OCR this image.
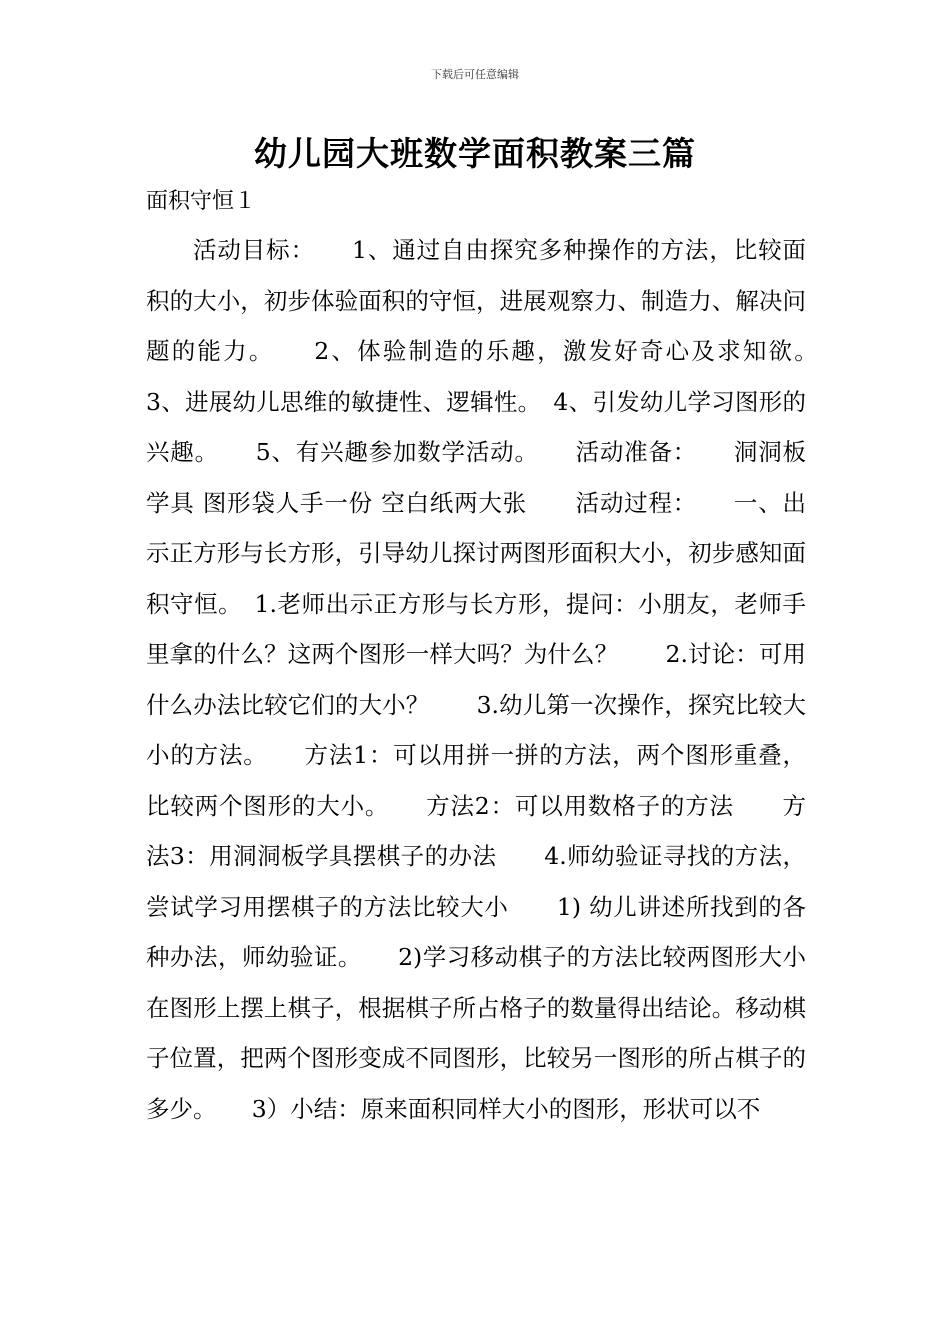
下载后可任意编辑
幼儿园大班数学面积教案三篇
面积守恒１

活动目标：　　1、通过自由探究多种操作的方法，比较面积的大小，初步体验面积的守恒，进展观察力、制造力、解决问题的能力。　　2、体验制造的乐趣，激发好奇心及求知欲。　　3、进展幼儿思维的敏捷性、逻辑性。　4、引发幼儿学习图形的兴趣。　　5、有兴趣参加数学活动。　　活动准备：　　洞洞板学具 图形袋人手一份 空白纸两大张　　活动过程：　　一、出示正方形与长方形，引导幼儿探讨两图形面积大小，初步感知面积守恒。　1.老师出示正方形与长方形，提问：小朋友，老师手里拿的什么？这两个图形一样大吗？为什么？　　2.讨论：可用什么办法比较它们的大小？　　3.幼儿第一次操作，探究比较大小的方法。　　方法1：可以用拼一拼的方法，两个图形重叠，比较两个图形的大小。　　方法2：可以用数格子的方法　　方法3：用洞洞板学具摆棋子的办法　　4.师幼验证寻找的方法，尝试学习用摆棋子的方法比较大小　　1) 幼儿讲述所找到的各种办法，师幼验证。　　2)学习移动棋子的方法比较两图形大小　　在图形上摆上棋子，根据棋子所占格子的数量得出结论。移动棋子位置，把两个图形变成不同图形，比较另一图形的所占棋子的多少。　　3）小结：原来面积同样大小的图形，形状可以不
